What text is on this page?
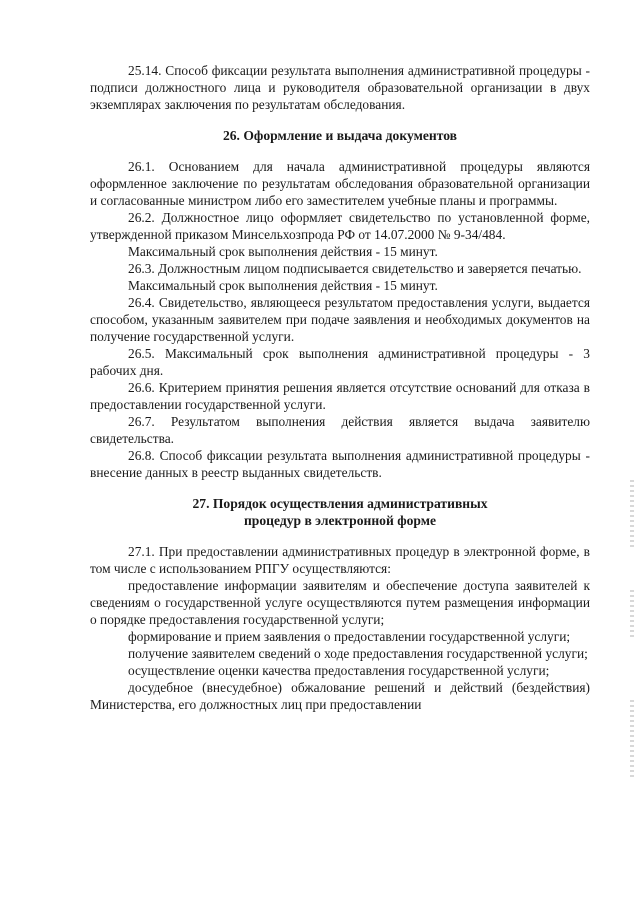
25.14. Способ фиксации результата выполнения административной процедуры - подписи должностного лица и руководителя образовательной организации в двух экземплярах заключения по результатам обследования.

26. Оформление и выдача документов

26.1. Основанием для начала административной процедуры являются оформленное заключение по результатам обследования образовательной организации и согласованные министром либо его заместителем учебные планы и программы.

26.2. Должностное лицо оформляет свидетельство по установленной форме, утвержденной приказом Минсельхозпрода РФ от 14.07.2000 № 9-34/484.

Максимальный срок выполнения действия - 15 минут.

26.3. Должностным лицом подписывается свидетельство и заверяется печатью.

Максимальный срок выполнения действия - 15 минут.

26.4. Свидетельство, являющееся результатом предоставления услуги, выдается способом, указанным заявителем при подаче заявления и необходимых документов на получение государственной услуги.

26.5. Максимальный срок выполнения административной процедуры - 3 рабочих дня.

26.6. Критерием принятия решения является отсутствие оснований для отказа в предоставлении государственной услуги.

26.7. Результатом выполнения действия является выдача заявителю свидетельства.

26.8. Способ фиксации результата выполнения административной процедуры - внесение данных в реестр выданных свидетельств.

27. Порядок осуществления административных

процедур в электронной форме

27.1. При предоставлении административных процедур в электронной форме, в том числе с использованием РПГУ осуществляются:

предоставление информации заявителям и обеспечение доступа заявителей к сведениям о государственной услуге осуществляются путем размещения информации о порядке предоставления государственной услуги;

формирование и прием заявления о предоставлении государственной услуги;

получение заявителем сведений о ходе предоставления государственной услуги;

осуществление оценки качества предоставления государственной услуги;

досудебное (внесудебное) обжалование решений и действий (бездействия) Министерства, его должностных лиц при предоставлении
